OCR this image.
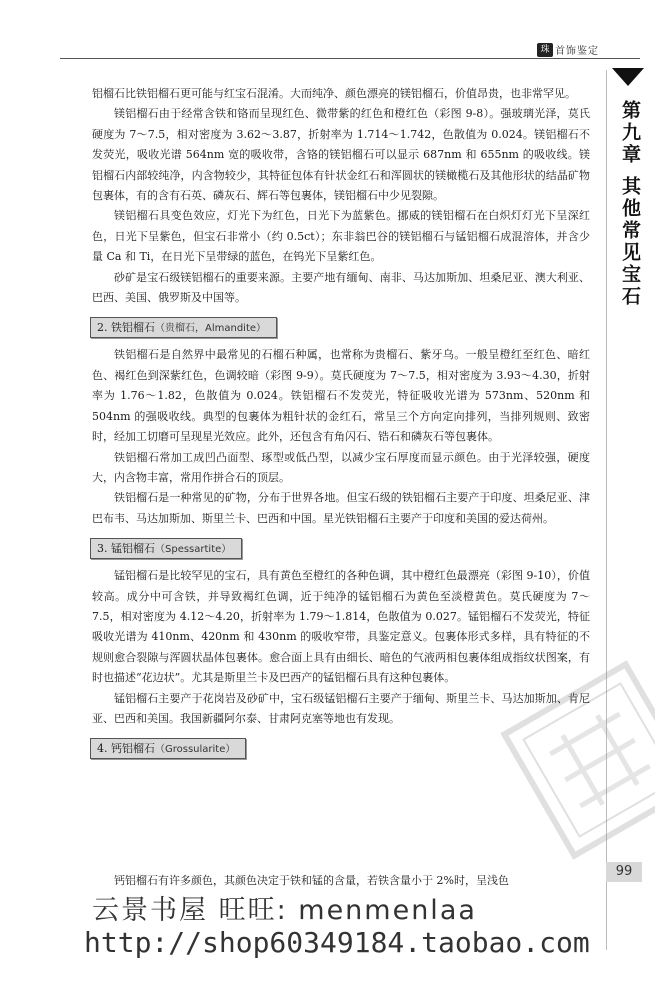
珠宝
首饰鉴定
第九章 其他常见宝石
99

铝榴石比铁铝榴石更可能与红宝石混淆。大而纯净、颜色漂亮的镁铝榴石，价值昂贵，也非常罕见。

镁铝榴石由于经常含铁和铬而呈现红色、微带紫的红色和橙红色（彩图 9-8）。强玻璃光泽，莫氏硬度为 7～7.5，相对密度为 3.62～3.87，折射率为 1.714～1.742，色散值为 0.024。镁铝榴石不发荧光，吸收光谱 564nm 宽的吸收带，含铬的镁铝榴石可以显示 687nm 和 655nm 的吸收线。镁铝榴石内部较纯净，内含物较少，其特征包体有针状金红石和浑圆状的镁橄榄石及其他形状的结晶矿物包裹体，有的含有石英、磷灰石、辉石等包裹体，镁铝榴石中少见裂隙。

镁铝榴石具变色效应，灯光下为红色，日光下为蓝紫色。挪威的镁铝榴石在白炽灯灯光下呈深红色，日光下呈紫色，但宝石非常小（约 0.5ct）；东非翁巴谷的镁铝榴石与锰铝榴石成混溶体，并含少量 Ca 和 Ti，在日光下呈带绿的蓝色，在钨光下呈紫红色。

砂矿是宝石级镁铝榴石的重要来源。主要产地有缅甸、南非、马达加斯加、坦桑尼亚、澳大利亚、巴西、美国、俄罗斯及中国等。

2. 铁铝榴石（贵榴石，Almandite）

铁铝榴石是自然界中最常见的石榴石种属，也常称为贵榴石、紫牙乌。一般呈橙红至红色、暗红色、褐红色到深紫红色，色调较暗（彩图 9-9）。莫氏硬度为 7～7.5，相对密度为 3.93～4.30，折射率为 1.76～1.82，色散值为 0.024。铁铝榴石不发荧光，特征吸收光谱为 573nm、520nm 和 504nm 的强吸收线。典型的包裹体为粗针状的金红石，常呈三个方向定向排列，当排列规则、致密时，经加工切磨可呈现星光效应。此外，还包含有角闪石、锆石和磷灰石等包裹体。

铁铝榴石常加工成凹凸面型、琢型或低凸型，以减少宝石厚度而显示颜色。由于光泽较强，硬度大，内含物丰富，常用作拼合石的顶层。

铁铝榴石是一种常见的矿物，分布于世界各地。但宝石级的铁铝榴石主要产于印度、坦桑尼亚、津巴布韦、马达加斯加、斯里兰卡、巴西和中国。星光铁铝榴石主要产于印度和美国的爱达荷州。

3. 锰铝榴石（Spessartite）

锰铝榴石是比较罕见的宝石，具有黄色至橙红的各种色调，其中橙红色最漂亮（彩图 9-10），价值较高。成分中可含铁，并导致褐红色调，近于纯净的锰铝榴石为黄色至淡橙黄色。莫氏硬度为 7～7.5，相对密度为 4.12～4.20，折射率为 1.79～1.814，色散值为 0.027。锰铝榴石不发荧光，特征吸收光谱为 410nm、420nm 和 430nm 的吸收窄带，具鉴定意义。包裹体形式多样，具有特征的不规则愈合裂隙与浑圆状晶体包裹体。愈合面上具有由细长、暗色的气液两相包裹体组成指纹状图案，有时也描述“花边状”。尤其是斯里兰卡及巴西产的锰铝榴石具有这种包裹体。

锰铝榴石主要产于花岗岩及砂矿中，宝石级锰铝榴石主要产于缅甸、斯里兰卡、马达加斯加、肯尼亚、巴西和美国。我国新疆阿尔泰、甘肃阿克塞等地也有发现。

4. 钙铝榴石（Grossularite）
钙铝榴石有许多颜色，其颜色决定于铁和锰的含量，若铁含量小于 2%时，呈浅色
云景书屋 旺旺: menmenlaa
http://shop60349184.taobao.com
